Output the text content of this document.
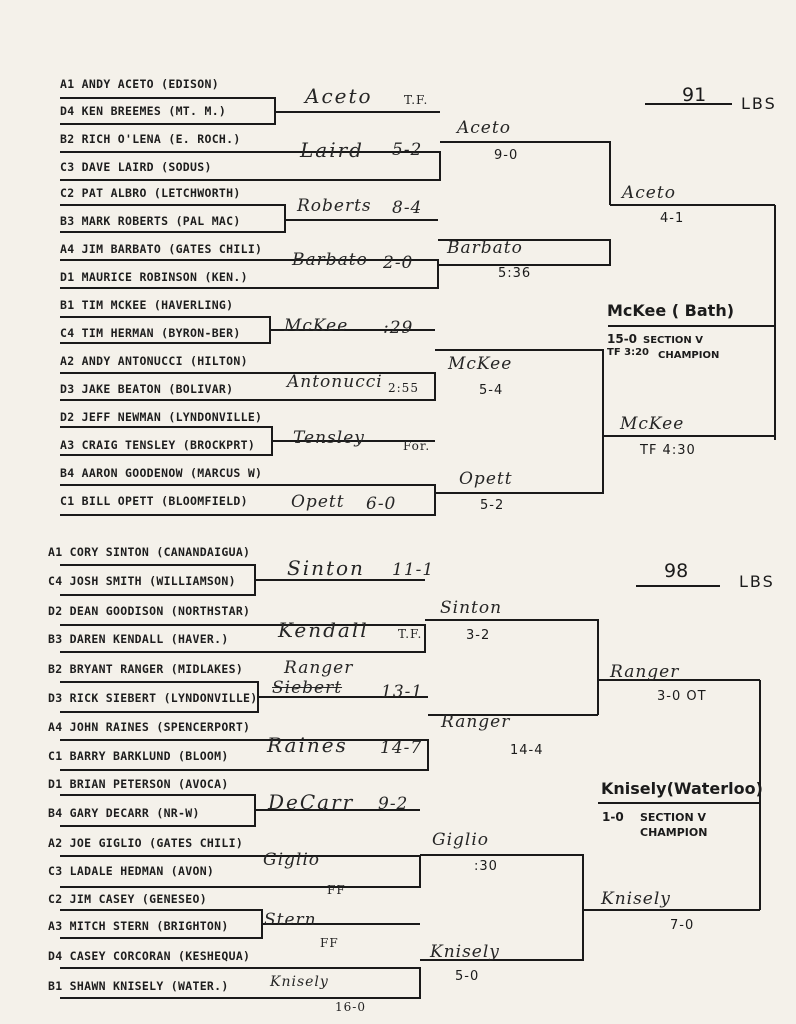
91 LBS
A1 ANDY ACETO (EDISON)
D4 KEN BREEMES (MT. M.)
B2 RICH O'LENA (E. ROCH.)
C3 DAVE LAIRD (SODUS)
C2 PAT ALBRO (LETCHWORTH)
B3 MARK ROBERTS (PAL MAC)
A4 JIM BARBATO (GATES CHILI)
D1 MAURICE ROBINSON (KEN.)
B1 TIM MCKEE (HAVERLING)
C4 TIM HERMAN (BYRON-BER)
A2 ANDY ANTONUCCI (HILTON)
D3 JAKE BEATON (BOLIVAR)
D2 JEFF NEWMAN (LYNDONVILLE)
A3 CRAIG TENSLEY (BROCKPRT)
B4 AARON GOODENOW (MARCUS W)
C1 BILL OPETT (BLOOMFIELD)
Aceto	T.F.
Laird 5-2
Roberts 8-4
Barbato 2-0
McKee :29
Antonucci 2:55
Tensley	For.
Opett 6-0
Aceto
9-0
Barbato
5:36
McKee
5-4
Opett
5-2
Aceto
4-1
McKee
TF 4:30
McKee ( Bath)
15-0 SECTION V
TF 3:20 CHAMPION
98	LBS
A1 CORY SINTON (CANANDAIGUA)
C4 JOSH SMITH (WILLIAMSON)
D2 DEAN GOODISON (NORTHSTAR)
B3 DAREN KENDALL (HAVER.)
B2 BRYANT RANGER (MIDLAKES)
D3 RICK SIEBERT (LYNDONVILLE)
A4 JOHN RAINES (SPENCERPORT)
C1 BARRY BARKLUND (BLOOM)
D1 BRIAN PETERSON (AVOCA)
B4 GARY DECARR (NR-W)
A2 JOE GIGLIO (GATES CHILI)
C3 LADALE HEDMAN (AVON)
C2 JIM CASEY (GENESEO)
A3 MITCH STERN (BRIGHTON)
D4 CASEY CORCORAN (KESHEQUA)
B1 SHAWN KNISELY (WATER.)
Sinton 11-1
Kendall T.F.
Ranger
Siebert 13-1
Raines 14-7
DeCarr 9-2
Giglio
FF
Stern
FF
Knisely
16-0
Sinton
3-2
Ranger
14-4
Giglio
:30
Knisely
5-0
Ranger
3-0 OT
Knisely
7-0
Knisely(Waterloo)
1-0 SECTION V
CHAMPION
